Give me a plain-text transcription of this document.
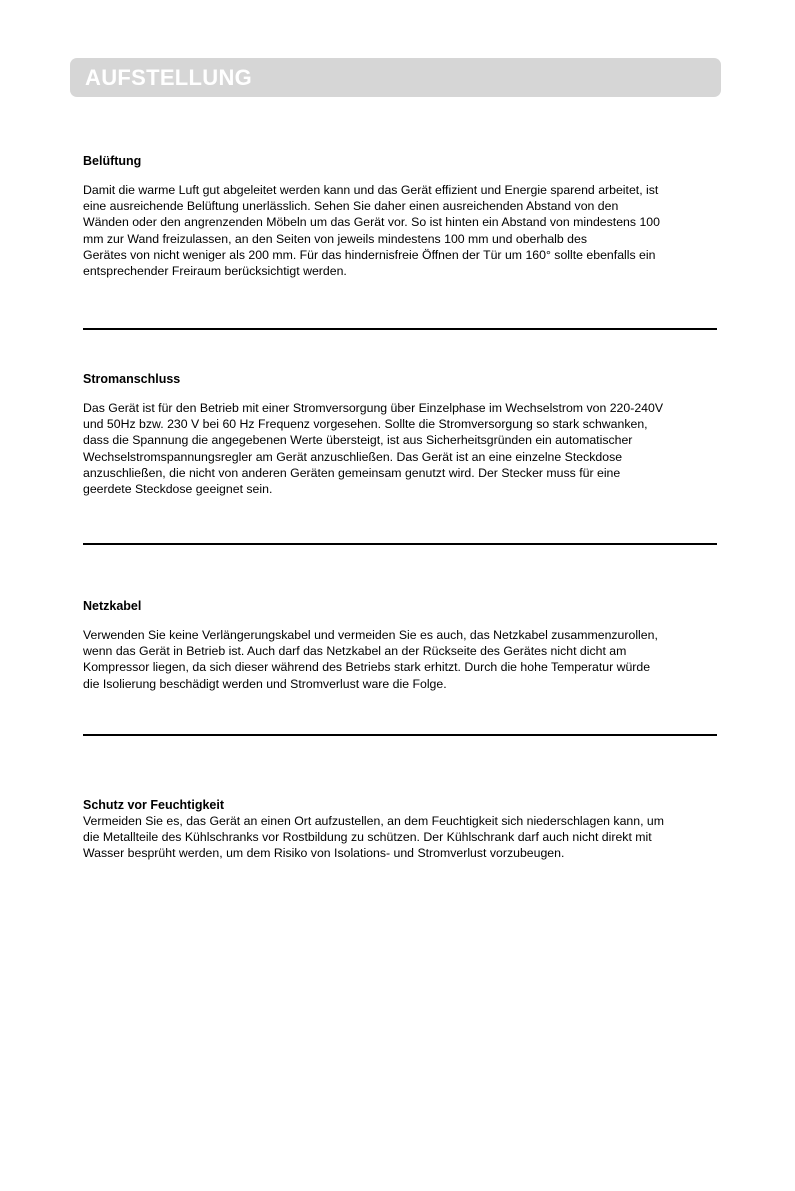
AUFSTELLUNG
Belüftung

Damit die warme Luft gut abgeleitet werden kann und das Gerät effizient und Energie sparend arbeitet, ist
eine ausreichende Belüftung unerlässlich. Sehen Sie daher einen ausreichenden Abstand von den
Wänden oder den angrenzenden Möbeln um das Gerät vor. So ist hinten ein Abstand von mindestens 100
mm zur Wand freizulassen, an den Seiten von jeweils mindestens 100 mm und oberhalb des
Gerätes von nicht weniger als 200 mm. Für das hindernisfreie Öffnen der Tür um 160° sollte ebenfalls ein
entsprechender Freiraum berücksichtigt werden.

Stromanschluss

Das Gerät ist für den Betrieb mit einer Stromversorgung über Einzelphase im Wechselstrom von 220-240V
und 50Hz bzw. 230 V bei 60 Hz Frequenz vorgesehen. Sollte die Stromversorgung so stark schwanken,
dass die Spannung die angegebenen Werte übersteigt, ist aus Sicherheitsgründen ein automatischer
Wechselstromspannungsregler am Gerät anzuschließen. Das Gerät ist an eine einzelne Steckdose
anzuschließen, die nicht von anderen Geräten gemeinsam genutzt wird. Der Stecker muss für eine
geerdete Steckdose geeignet sein.

Netzkabel

Verwenden Sie keine Verlängerungskabel und vermeiden Sie es auch, das Netzkabel zusammenzurollen,
wenn das Gerät in Betrieb ist. Auch darf das Netzkabel an der Rückseite des Gerätes nicht dicht am
Kompressor liegen, da sich dieser während des Betriebs stark erhitzt. Durch die hohe Temperatur würde
die Isolierung beschädigt werden und Stromverlust ware die Folge.

Schutz vor Feuchtigkeit

Vermeiden Sie es, das Gerät an einen Ort aufzustellen, an dem Feuchtigkeit sich niederschlagen kann, um
die Metallteile des Kühlschranks vor Rostbildung zu schützen. Der Kühlschrank darf auch nicht direkt mit
Wasser besprüht werden, um dem Risiko von Isolations- und Stromverlust vorzubeugen.
